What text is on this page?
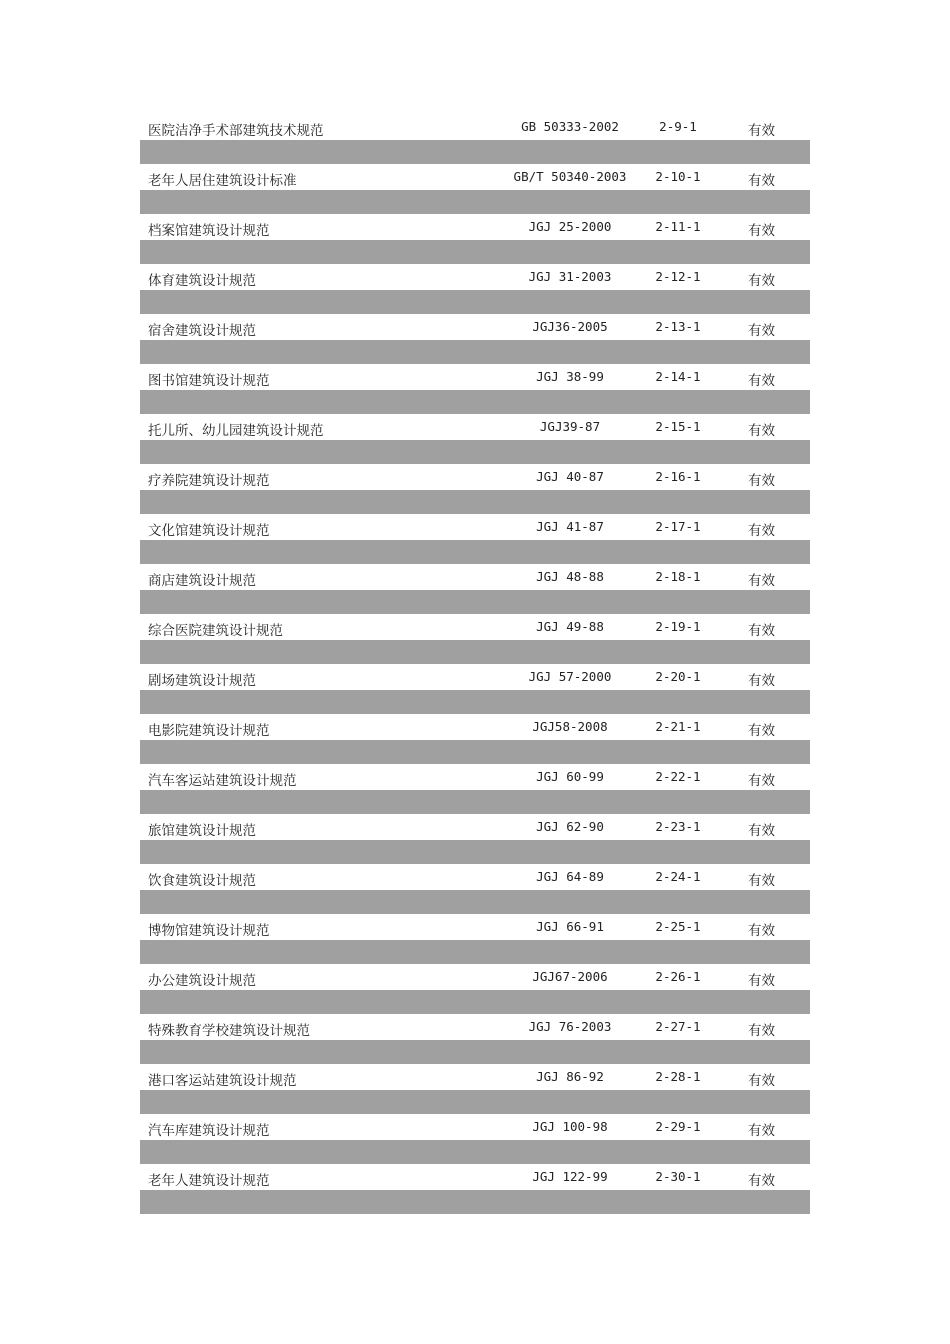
医院洁净手术部建筑技术规范	GB 50333-2002	2-9-1	有效
老年人居住建筑设计标准	GB/T 50340-2003	2-10-1	有效
档案馆建筑设计规范	JGJ 25-2000	2-11-1	有效
体育建筑设计规范	JGJ 31-2003	2-12-1	有效
宿舍建筑设计规范	JGJ36-2005	2-13-1	有效
图书馆建筑设计规范	JGJ 38-99	2-14-1	有效
托儿所、幼儿园建筑设计规范	JGJ39-87	2-15-1	有效
疗养院建筑设计规范	JGJ 40-87	2-16-1	有效
文化馆建筑设计规范	JGJ 41-87	2-17-1	有效
商店建筑设计规范	JGJ 48-88	2-18-1	有效
综合医院建筑设计规范	JGJ 49-88	2-19-1	有效
剧场建筑设计规范	JGJ 57-2000	2-20-1	有效
电影院建筑设计规范	JGJ58-2008	2-21-1	有效
汽车客运站建筑设计规范	JGJ 60-99	2-22-1	有效
旅馆建筑设计规范	JGJ 62-90	2-23-1	有效
饮食建筑设计规范	JGJ 64-89	2-24-1	有效
博物馆建筑设计规范	JGJ 66-91	2-25-1	有效
办公建筑设计规范	JGJ67-2006	2-26-1	有效
特殊教育学校建筑设计规范	JGJ 76-2003	2-27-1	有效
港口客运站建筑设计规范	JGJ 86-92	2-28-1	有效
汽车库建筑设计规范	JGJ 100-98	2-29-1	有效
老年人建筑设计规范	JGJ 122-99	2-30-1	有效
